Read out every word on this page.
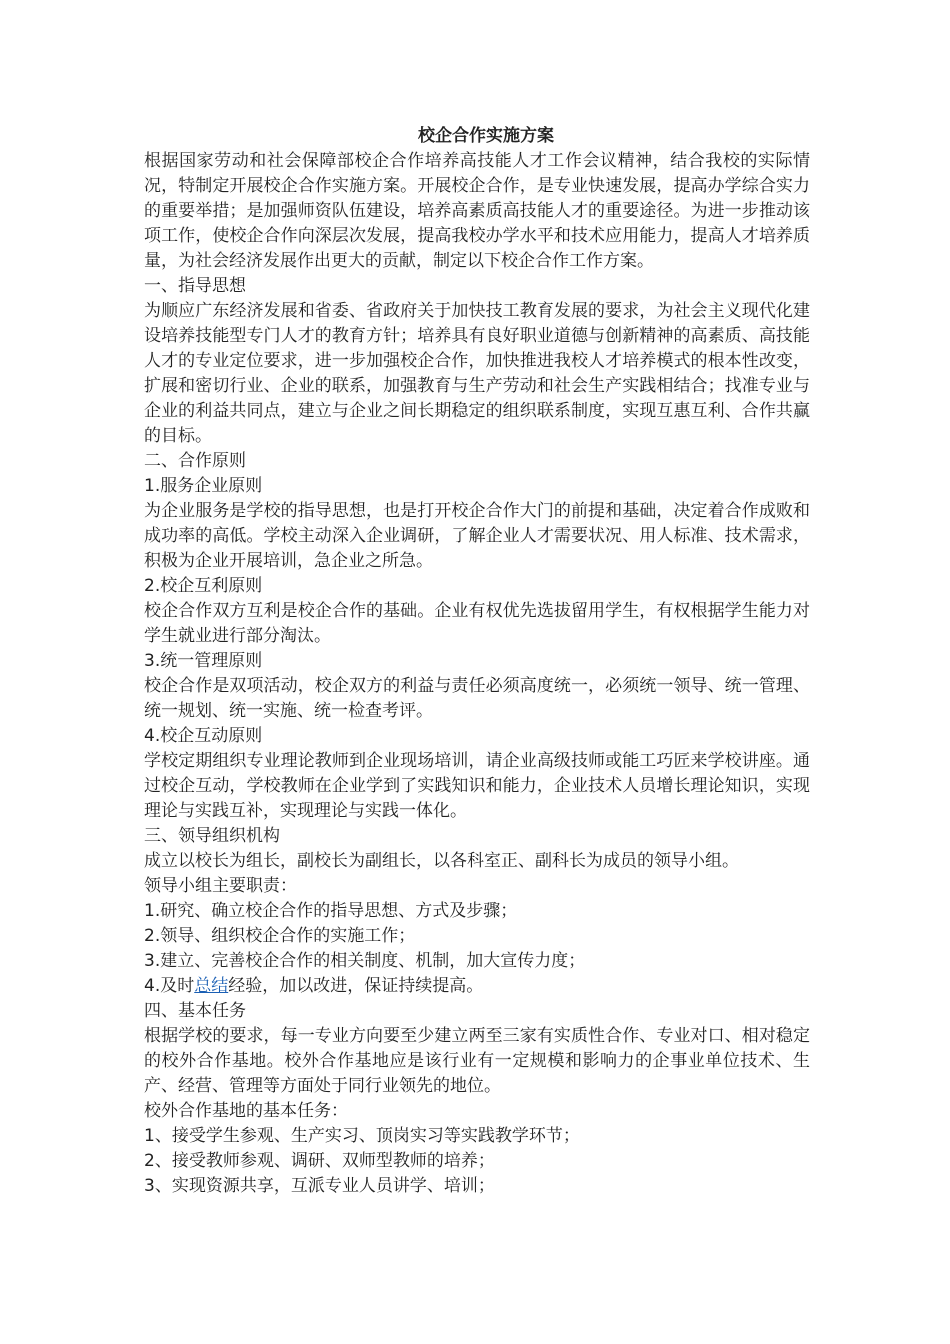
校企合作实施方案

根据国家劳动和社会保障部校企合作培养高技能人才工作会议精神，结合我校的实际情况，特制定开展校企合作实施方案。开展校企合作，是专业快速发展，提高办学综合实力的重要举措；是加强师资队伍建设，培养高素质高技能人才的重要途径。为进一步推动该项工作，使校企合作向深层次发展，提高我校办学水平和技术应用能力，提高人才培养质量，为社会经济发展作出更大的贡献，制定以下校企合作工作方案。

一、指导思想

为顺应广东经济发展和省委、省政府关于加快技工教育发展的要求，为社会主义现代化建设培养技能型专门人才的教育方针；培养具有良好职业道德与创新精神的高素质、高技能人才的专业定位要求，进一步加强校企合作，加快推进我校人才培养模式的根本性改变，扩展和密切行业、企业的联系，加强教育与生产劳动和社会生产实践相结合；找准专业与企业的利益共同点，建立与企业之间长期稳定的组织联系制度，实现互惠互利、合作共赢的目标。

二、合作原则

1.服务企业原则

为企业服务是学校的指导思想，也是打开校企合作大门的前提和基础，决定着合作成败和成功率的高低。学校主动深入企业调研，了解企业人才需要状况、用人标准、技术需求，积极为企业开展培训，急企业之所急。

2.校企互利原则

校企合作双方互利是校企合作的基础。企业有权优先选拔留用学生，有权根据学生能力对学生就业进行部分淘汰。

3.统一管理原则

校企合作是双项活动，校企双方的利益与责任必须高度统一，必须统一领导、统一管理、统一规划、统一实施、统一检查考评。

4.校企互动原则

学校定期组织专业理论教师到企业现场培训，请企业高级技师或能工巧匠来学校讲座。通过校企互动，学校教师在企业学到了实践知识和能力，企业技术人员增长理论知识，实现理论与实践互补，实现理论与实践一体化。

三、领导组织机构

成立以校长为组长，副校长为副组长，以各科室正、副科长为成员的领导小组。

领导小组主要职责：

1.研究、确立校企合作的指导思想、方式及步骤；

2.领导、组织校企合作的实施工作；

3.建立、完善校企合作的相关制度、机制，加大宣传力度；

4.及时总结经验，加以改进，保证持续提高。

四、基本任务

根据学校的要求，每一专业方向要至少建立两至三家有实质性合作、专业对口、相对稳定的校外合作基地。校外合作基地应是该行业有一定规模和影响力的企事业单位技术、生产、经营、管理等方面处于同行业领先的地位。

校外合作基地的基本任务：

1、接受学生参观、生产实习、顶岗实习等实践教学环节；

2、接受教师参观、调研、双师型教师的培养；

3、实现资源共享，互派专业人员讲学、培训；
